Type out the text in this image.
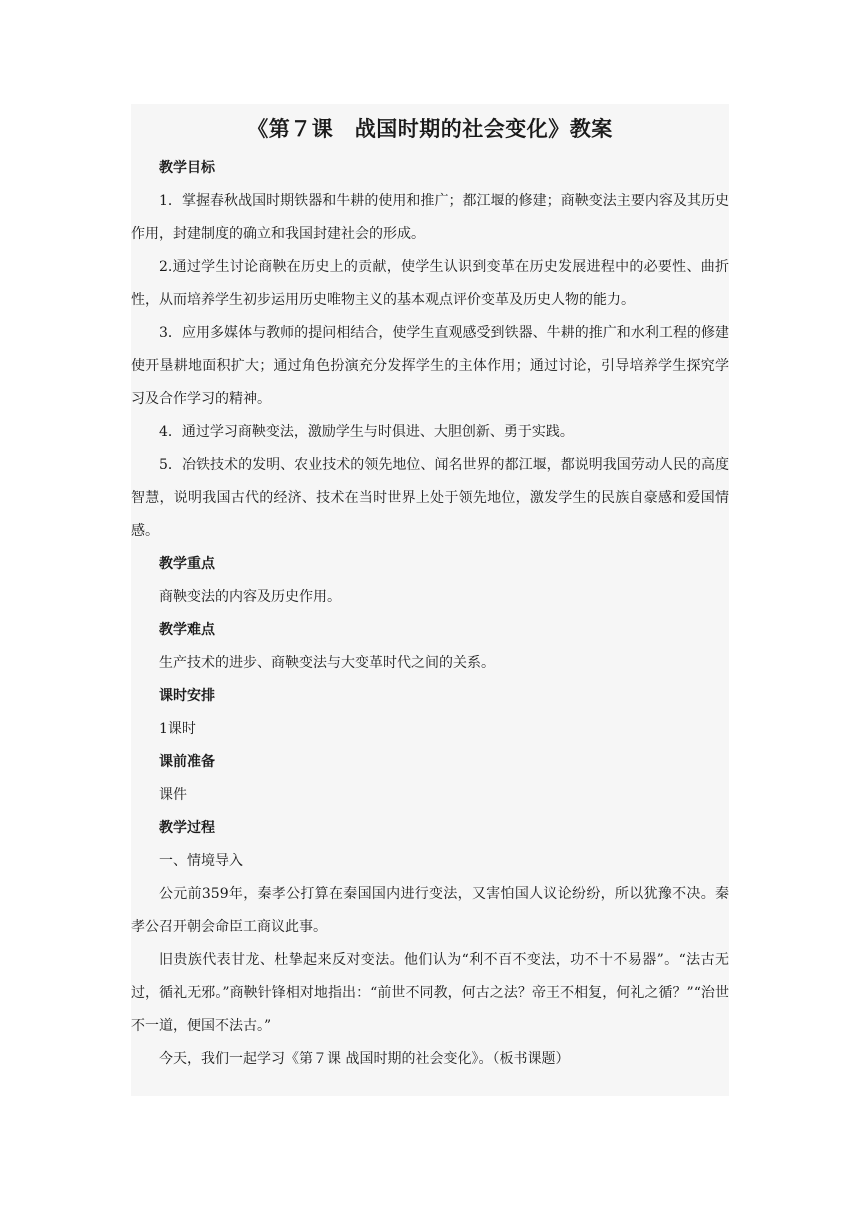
《第７课　战国时期的社会变化》教案
教学目标
1．掌握春秋战国时期铁器和牛耕的使用和推广；都江堰的修建；商鞅变法主要内容及其历史作用，封建制度的确立和我国封建社会的形成。
2.通过学生讨论商鞅在历史上的贡献，使学生认识到变革在历史发展进程中的必要性、曲折性，从而培养学生初步运用历史唯物主义的基本观点评价变革及历史人物的能力。
3．应用多媒体与教师的提问相结合，使学生直观感受到铁器、牛耕的推广和水利工程的修建使开垦耕地面积扩大；通过角色扮演充分发挥学生的主体作用；通过讨论，引导培养学生探究学习及合作学习的精神。
4．通过学习商鞅变法，激励学生与时俱进、大胆创新、勇于实践。
5．冶铁技术的发明、农业技术的领先地位、闻名世界的都江堰，都说明我国劳动人民的高度智慧，说明我国古代的经济、技术在当时世界上处于领先地位，激发学生的民族自豪感和爱国情感。
教学重点
商鞅变法的内容及历史作用。
教学难点
生产技术的进步、商鞅变法与大变革时代之间的关系。
课时安排
1课时
课前准备
课件
教学过程
一、情境导入
公元前359年，秦孝公打算在秦国国内进行变法，又害怕国人议论纷纷，所以犹豫不决。秦孝公召开朝会命臣工商议此事。
旧贵族代表甘龙、杜挚起来反对变法。他们认为“利不百不变法，功不十不易器”。“法古无过，循礼无邪。”商鞅针锋相对地指出：“前世不同教，何古之法？帝王不相复，何礼之循？”“治世不一道，便国不法古。”
今天，我们一起学习《第７课 战国时期的社会变化》。（板书课题）
